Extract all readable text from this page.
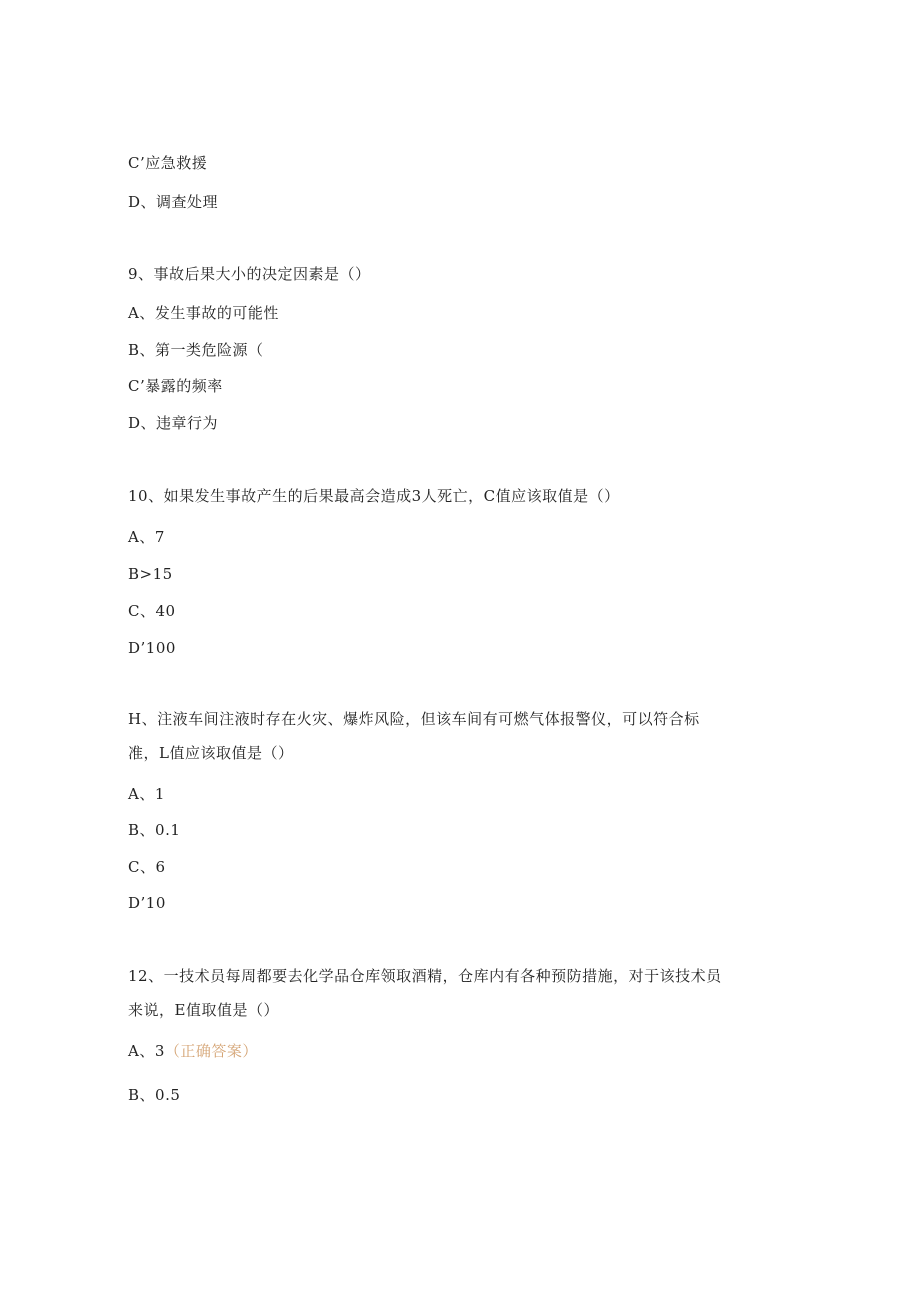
C’应急救援
D、调查处理
9、事故后果大小的决定因素是（）
A、发生事故的可能性
B、第一类危险源（
C’暴露的频率
D、违章行为
10、如果发生事故产生的后果最高会造成3人死亡，C值应该取值是（）
A、7
B>15
C、40
D’100
H、注液车间注液时存在火灾、爆炸风险，但该车间有可燃气体报警仪，可以符合标
准，L值应该取值是（）
A、1
B、0.1
C、6
D’10
12、一技术员每周都要去化学品仓库领取酒精，仓库内有各种预防措施，对于该技术员
来说，E值取值是（）
A、3（正确答案）
B、0.5
